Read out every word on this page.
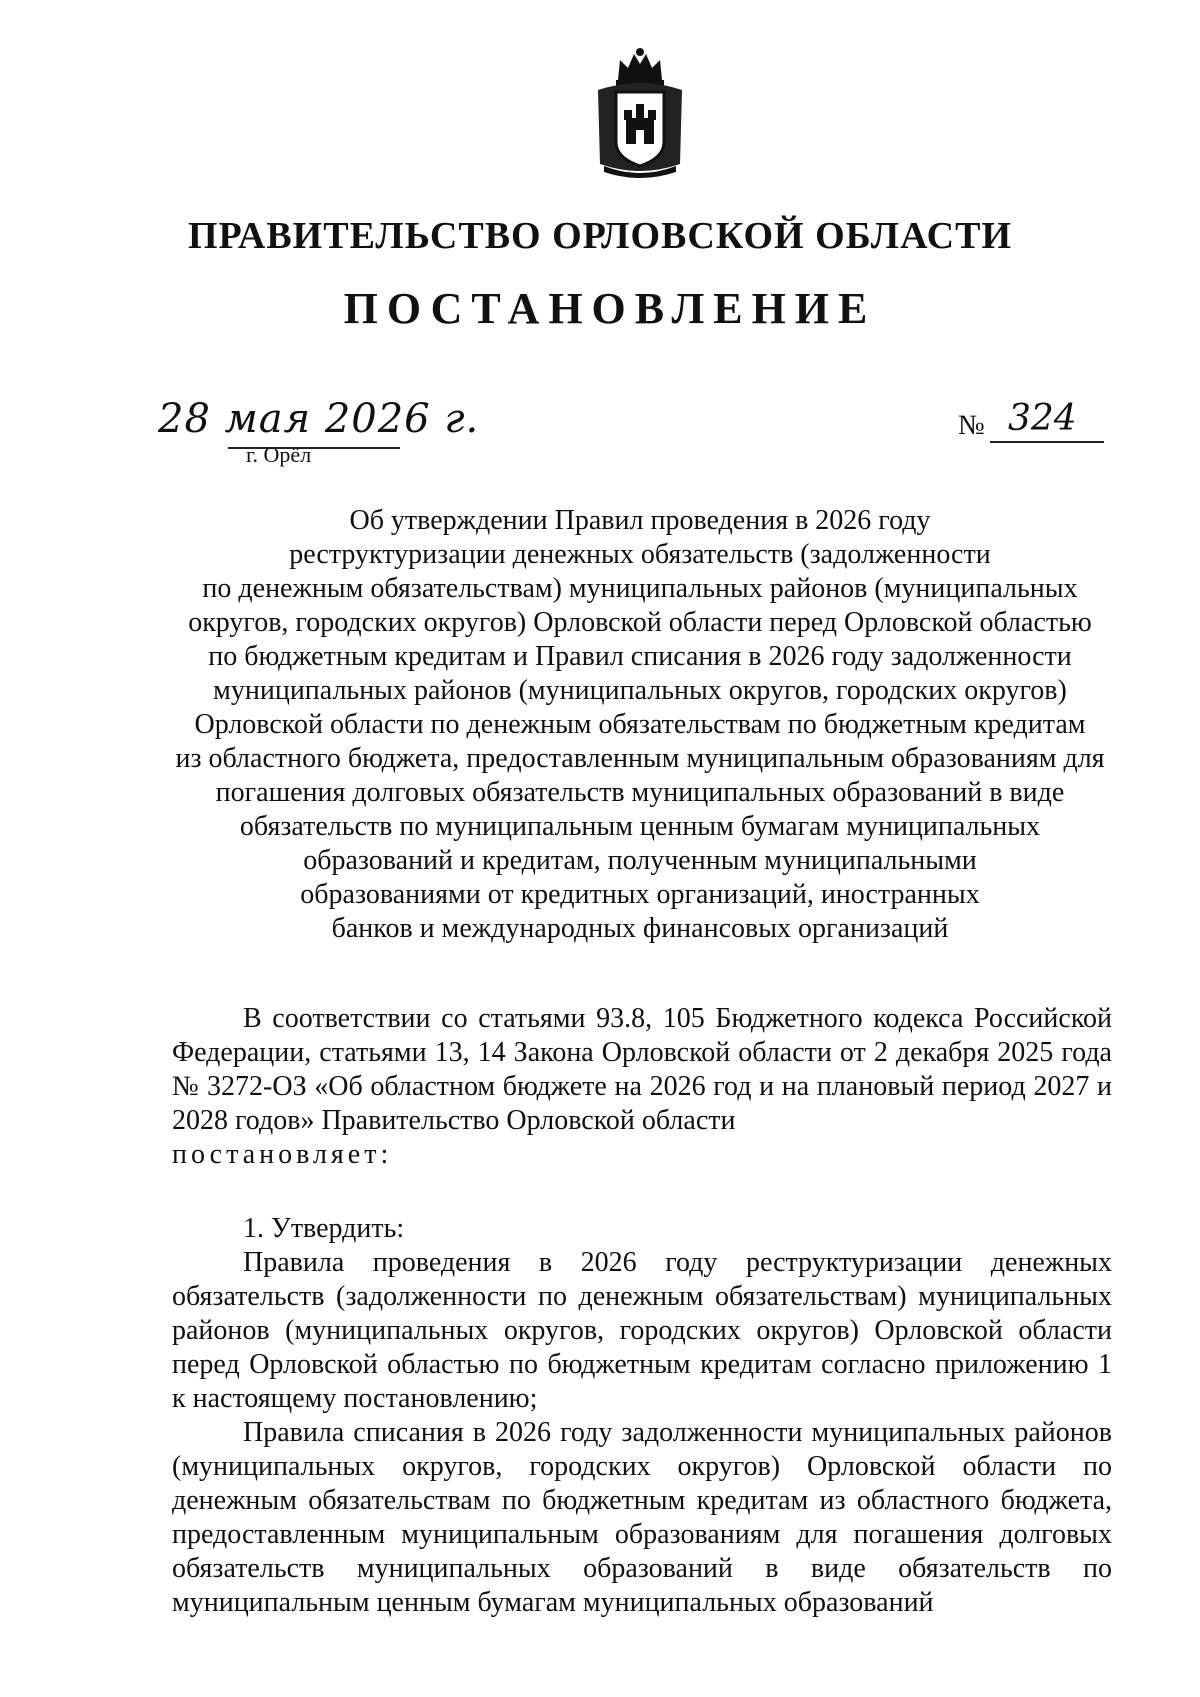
ПРАВИТЕЛЬСТВО ОРЛОВСКОЙ ОБЛАСТИ
ПОСТАНОВЛЕНИЕ
28 мая 2026 г.
г. Орёл
№ 324
Об утверждении Правил проведения в 2026 году
реструктуризации денежных обязательств (задолженности
по денежным обязательствам) муниципальных районов (муниципальных
округов, городских округов) Орловской области перед Орловской областью
по бюджетным кредитам и Правил списания в 2026 году задолженности
муниципальных районов (муниципальных округов, городских округов)
Орловской области по денежным обязательствам по бюджетным кредитам
из областного бюджета, предоставленным муниципальным образованиям для
погашения долговых обязательств муниципальных образований в виде
обязательств по муниципальным ценным бумагам муниципальных
образований и кредитам, полученным муниципальными
образованиями от кредитных организаций, иностранных
банков и международных финансовых организаций

В соответствии со статьями 93.8, 105 Бюджетного кодекса Российской Федерации, статьями 13, 14 Закона Орловской области от 2 декабря 2025 года № 3272-ОЗ «Об областном бюджете на 2026 год и на плановый период 2027 и 2028 годов» Правительство Орловской области

постановляет:

1. Утвердить:

Правила проведения в 2026 году реструктуризации денежных обязательств (задолженности по денежным обязательствам) муниципальных районов (муниципальных округов, городских округов) Орловской области перед Орловской областью по бюджетным кредитам согласно приложению 1 к настоящему постановлению;

Правила списания в 2026 году задолженности муниципальных районов (муниципальных округов, городских округов) Орловской области по денежным обязательствам по бюджетным кредитам из областного бюджета, предоставленным муниципальным образованиям для погашения долговых обязательств муниципальных образований в виде обязательств по муниципальным ценным бумагам муниципальных образований
